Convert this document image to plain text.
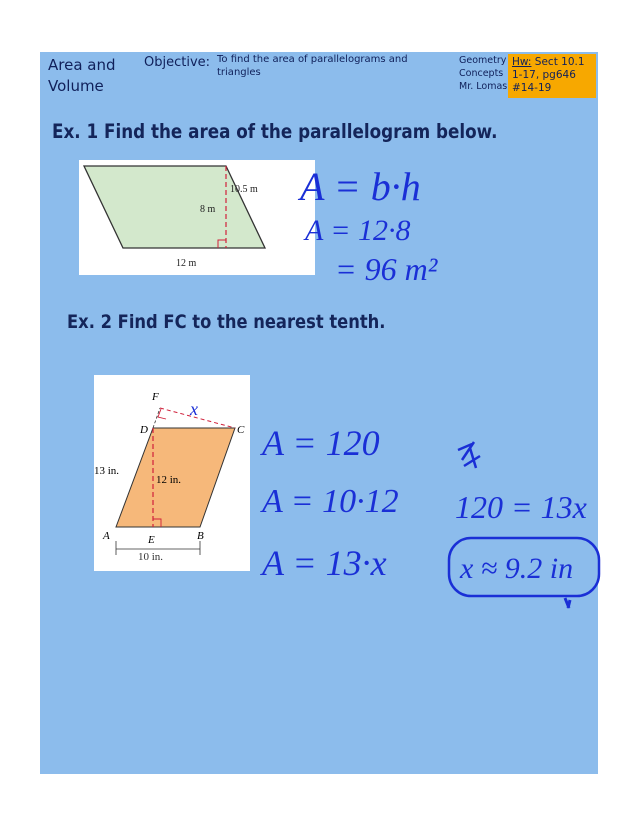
Area and
Volume
Objective: To find the area of parallelograms and triangles
Geometry
Concepts
Mr. Lomas
Hw: Sect 10.1
1-17, pg646
#14-19
Ex. 1 Find the area of the parallelogram below.
10.5 m
8 m
12 m
Ex. 2 Find FC to the nearest tenth.
F
D	C
A	E	B
13 in.
12 in.
10 in.
A = b·h
A = 12·8
= 96 m²
A = 120
A = 10·12
A = 13·x
120 = 13x
x ≈ 9.2 in
x
